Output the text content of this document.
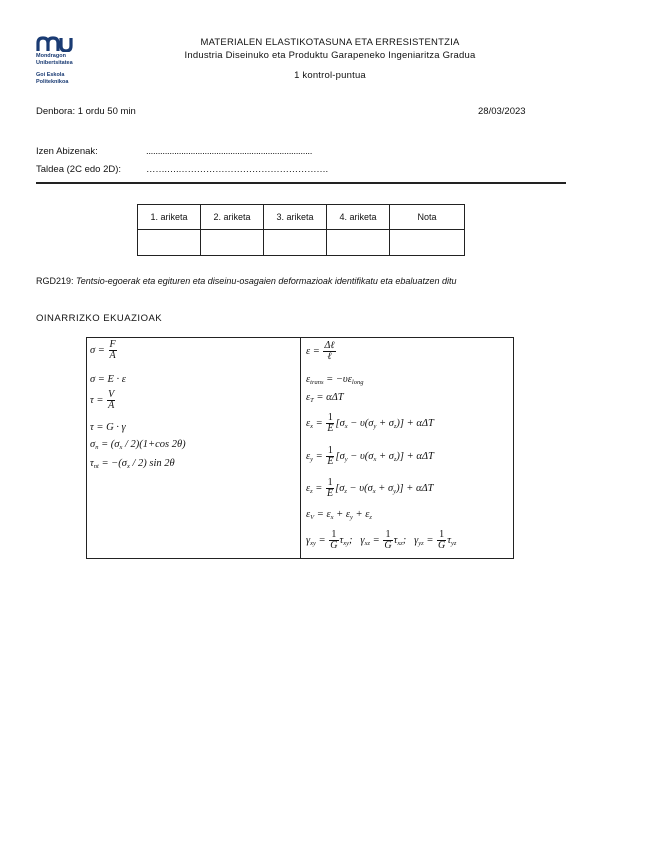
Mondragon
Unibertsitatea
Goi Eskola
Politeknikoa
MATERIALEN ELASTIKOTASUNA ETA ERRESISTENTZIA
Industria Diseinuko eta Produktu Garapeneko Ingeniaritza Gradua
1 kontrol-puntua
Denbora: 1 ordu 50 min	28/03/2023
Izen Abizenak:	.......................................................................
Taldea (2C edo 2D):	…….….………………………………………….
1. ariketa	2. ariketa	3. ariketa	4. ariketa	Nota

RGD219: Tentsio-egoerak eta egituren eta diseinu-osagaien deformazioak identifikatu eta ebaluatzen ditu
OINARRIZKO EKUAZIOAK
$\sigma = \frac{F}{A}$
σ = E · ε
$\tau = \frac{V}{A}$
τ = G · γ
$\sigma_n = (\sigma_x / 2)(1+\cos$ 2θ)
$\tau_{nt} = -(\sigma_x / 2)$ sin 2θ
$\varepsilon = \frac{\text{Δℓ}}{\text{ℓ}}$
$\varepsilon_{trans} = -\upsilon\varepsilon_{long}$
$\varepsilon_T = \alpha\Delta T$
$\varepsilon_x = \frac{1}{E} [\sigma_x - \upsilon(\sigma_y + \sigma_z)] + \alpha\Delta T$
$\varepsilon_y = \frac{1}{E} [\sigma_y - \upsilon(\sigma_x + \sigma_z)] + \alpha\Delta T$
$\varepsilon_z = \frac{1}{E} [\sigma_z - \upsilon(\sigma_x + \sigma_y)] + \alpha\Delta T$
$\varepsilon_V = \varepsilon_x + \varepsilon_y + \varepsilon_z$
$\gamma_{xy} = \frac{1}{G} \tau_{xy}$; $\gamma_{xz} = \frac{1}{G} \tau_{xz}$; $\gamma_{yz} = \frac{1}{G} \tau_{yz}$
